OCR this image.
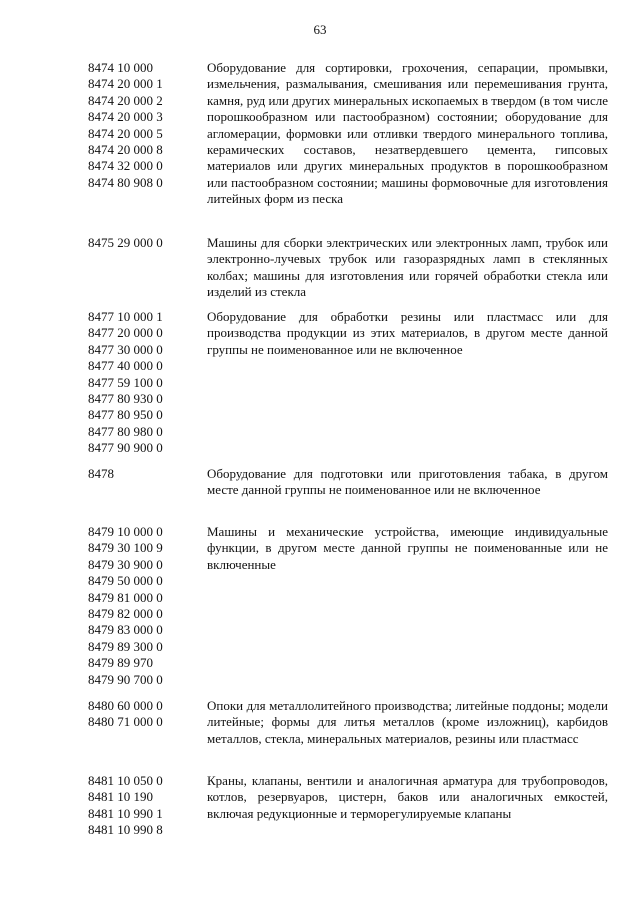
63
8474 10 000
8474 20 000 1
8474 20 000 2
8474 20 000 3
8474 20 000 5
8474 20 000 8
8474 32 000 0
8474 80 908 0
Оборудование для сортировки, грохочения, сепарации, промывки, измельчения, размалывания, смешивания или перемешивания грунта, камня, руд или других минеральных ископаемых в твердом (в том числе порошкообразном или пастообразном) состоянии; оборудование для агломерации, формовки или отливки твердого минерального топлива, керамических составов, незатвердевшего цемента, гипсовых материалов или других минеральных продуктов в порошкообразном или пастообразном состоянии; машины формовочные для изготовления литейных форм из песка
8475 29 000 0	Машины для сборки электрических или электронных ламп, трубок или электронно-лучевых трубок или газоразрядных ламп в стеклянных колбах; машины для изготовления или горячей обработки стекла или изделий из стекла
8477 10 000 1
8477 20 000 0
8477 30 000 0
8477 40 000 0
8477 59 100 0
8477 80 930 0
8477 80 950 0
8477 80 980 0
8477 90 900 0
Оборудование для обработки резины или пластмасс или для производства продукции из этих материалов, в другом месте данной группы не поименованное или не включенное
8478	Оборудование для подготовки или приготовления табака, в другом месте данной группы не поименованное или не включенное
8479 10 000 0
8479 30 100 9
8479 30 900 0
8479 50 000 0
8479 81 000 0
8479 82 000 0
8479 83 000 0
8479 89 300 0
8479 89 970
8479 90 700 0
Машины и механические устройства, имеющие индивидуальные функции, в другом месте данной группы не поименованные или не включенные
8480 60 000 0
8480 71 000 0
Опоки для металлолитейного производства; литейные поддоны; модели литейные; формы для литья металлов (кроме изложниц), карбидов металлов, стекла, минеральных материалов, резины или пластмасс
8481 10 050 0
8481 10 190
8481 10 990 1
8481 10 990 8
Краны, клапаны, вентили и аналогичная арматура для трубопроводов, котлов, резервуаров, цистерн, баков или аналогичных емкостей, включая редукционные и терморегулируемые клапаны
